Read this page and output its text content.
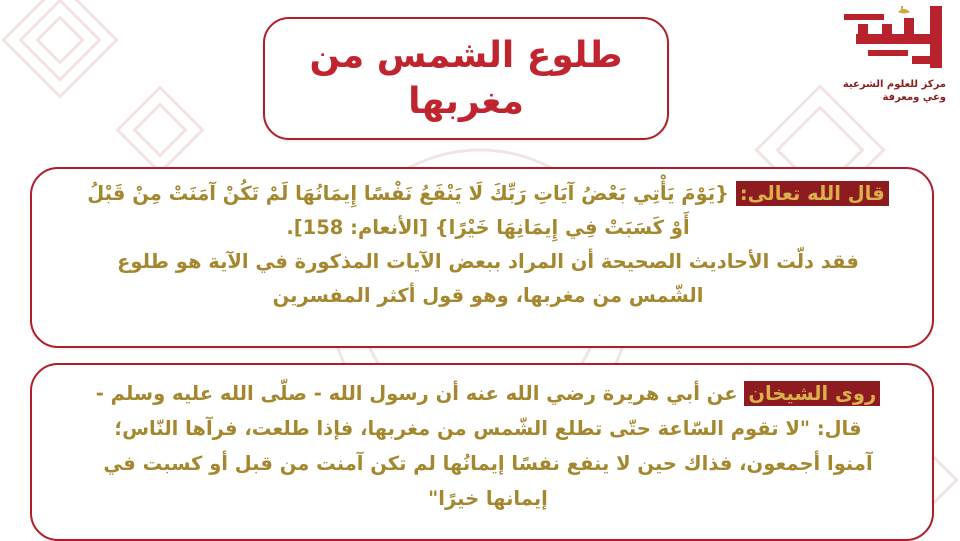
طلوع الشمس من
مغربها	مركز للعلوم الشرعية
وعي ومعرفة
قال الله تعالى: {يَوْمَ يَأْتِي بَعْضُ آيَاتِ رَبِّكَ لَا يَنْفَعُ نَفْسًا إِيمَانُهَا لَمْ تَكُنْ آمَنَتْ مِنْ قَبْلُ
أَوْ كَسَبَتْ فِي إِيمَانِهَا خَيْرًا} [الأنعام: 158].
فقد دلّت الأحاديث الصحيحة أن المراد ببعض الآيات المذكورة في الآية هو طلوع
الشّمس من مغربها، وهو قول أكثر المفسرين
روى الشيخان عن أبي هريرة رضي الله عنه أن رسول الله - صلّى الله عليه وسلم -
قال: "لا تقوم السّاعة حتّى تطلع الشّمس من مغربها، فإذا طلعت، فرآها النّاس؛
آمنوا أجمعون، فذاك حين لا ينفع نفسًا إيمانُها لم تكن آمنت من قبل أو كسبت في
إيمانها خيرًا"
